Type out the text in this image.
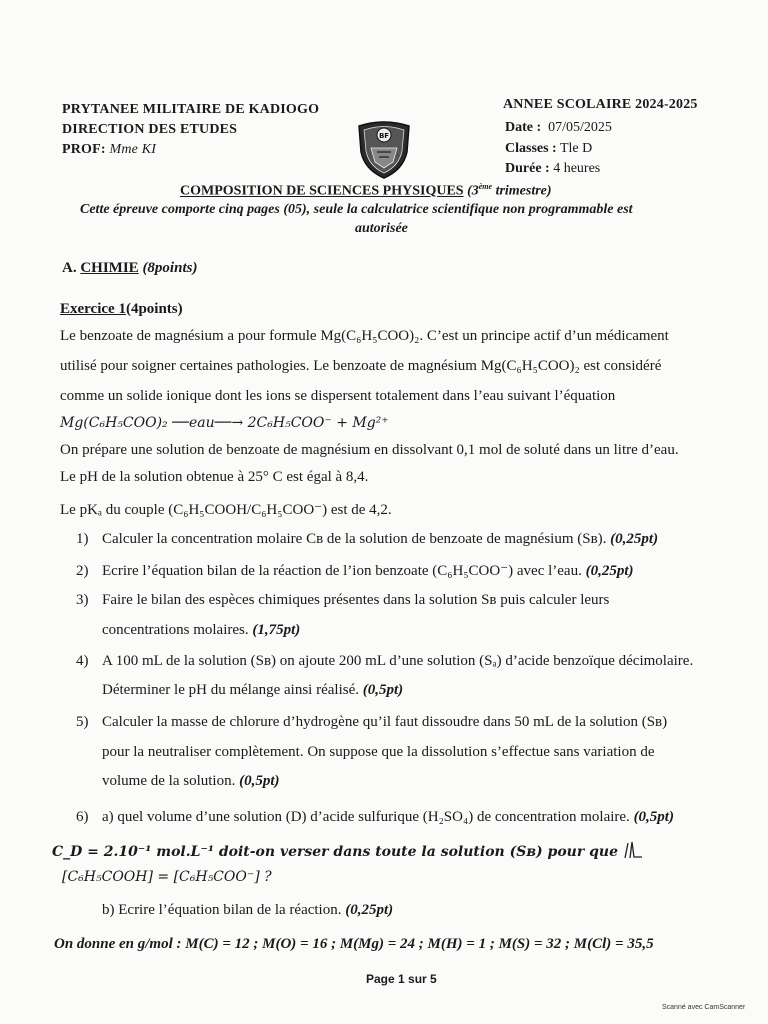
PRYTANEE MILITAIRE DE KADIOGO
DIRECTION DES ETUDES
PROF: Mme KI
BF
ANNEE SCOLAIRE 2024-2025
Date : 07/05/2025
Classes : Tle D
Durée : 4 heures
COMPOSITION DE SCIENCES PHYSIQUES (3ème trimestre)
Cette épreuve comporte cinq pages (05), seule la calculatrice scientifique non programmable est
autorisée
A. CHIMIE (8points)
Exercice 1(4points)
Le benzoate de magnésium a pour formule Mg(C₆H₅COO)₂. C’est un principe actif d’un médicament
utilisé pour soigner certaines pathologies. Le benzoate de magnésium Mg(C₆H₅COO)₂ est considéré
comme un solide ionique dont les ions se dispersent totalement dans l’eau suivant l’équation
Mg(C₆H₅COO)₂ ──eau──→ 2C₆H₅COO⁻ + Mg²⁺
On prépare une solution de benzoate de magnésium en dissolvant 0,1 mol de soluté dans un litre d’eau.
Le pH de la solution obtenue à 25° C est égal à 8,4.
Le pKₐ du couple (C₆H₅COOH/C₆H₅COO⁻) est de 4,2.
1) Calculer la concentration molaire Cʙ de la solution de benzoate de magnésium (Sʙ). (0,25pt)
2) Ecrire l’équation bilan de la réaction de l’ion benzoate (C₆H₅COO⁻) avec l’eau. (0,25pt)
3) Faire le bilan des espèces chimiques présentes dans la solution Sʙ puis calculer leurs
concentrations molaires. (1,75pt)
4) A 100 mL de la solution (Sʙ) on ajoute 200 mL d’une solution (Sₐ) d’acide benzoïque décimolaire.
Déterminer le pH du mélange ainsi réalisé. (0,5pt)
5) Calculer la masse de chlorure d’hydrogène qu’il faut dissoudre dans 50 mL de la solution (Sʙ)
pour la neutraliser complètement. On suppose que la dissolution s’effectue sans variation de
volume de la solution. (0,5pt)
6) a) quel volume d’une solution (D) d’acide sulfurique (H₂SO₄) de concentration molaire. (0,5pt)
C_D = 2.10⁻¹ mol.L⁻¹ doit-on verser dans toute la solution (Sʙ) pour que
[C₆H₅COOH] = [C₆H₅COO⁻] ?
b) Ecrire l’équation bilan de la réaction. (0,25pt)
On donne en g/mol : M(C) = 12 ; M(O) = 16 ; M(Mg) = 24 ; M(H) = 1 ; M(S) = 32 ; M(Cl) = 35,5
Page 1 sur 5
Scanné avec CamScanner
